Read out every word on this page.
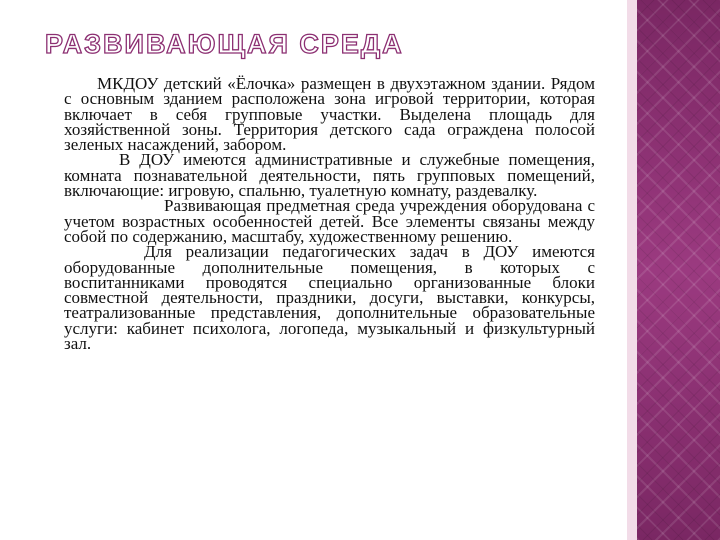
РАЗВИВАЮЩАЯ СРЕДА

МКДОУ детский «Ёлочка» размещен в двухэтажном здании. Рядом с основным зданием расположена зона игровой территории, которая включает в себя групповые участки. Выделена площадь для хозяйственной зоны. Территория детского сада ограждена полосой зеленых насаждений, забором.

В ДОУ имеются административные и служебные помещения, комната познавательной деятельности, пять групповых помещений, включающие: игровую, спальню, туалетную комнату, раздевалку.

Развивающая предметная среда учреждения оборудована с учетом возрастных особенностей детей. Все элементы связаны между собой по содержанию, масштабу, художественному решению.

Для реализации педагогических задач в ДОУ имеются оборудованные дополнительные помещения, в которых с воспитанниками проводятся специально организованные блоки совместной деятельности, праздники, досуги, выставки, конкурсы, театрализованные представления, дополнительные образовательные услуги: кабинет психолога, логопеда, музыкальный и физкультурный зал.
